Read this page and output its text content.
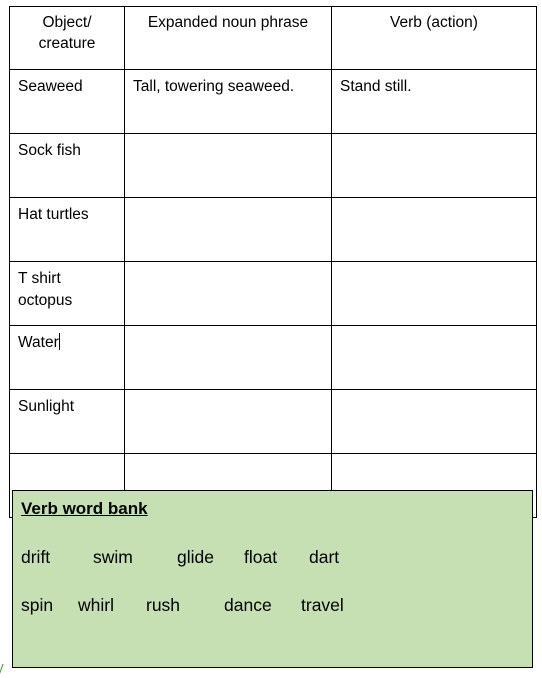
Object/ creature	Expanded noun phrase	Verb (action)
Seaweed	Tall, towering seaweed.	Stand still.
Sock fish		
Hat turtles		
T shirt octopus		
Water		
Sunlight		

Verb word bank
drift swim	glide float dart
spin whirl rush	dance travel
